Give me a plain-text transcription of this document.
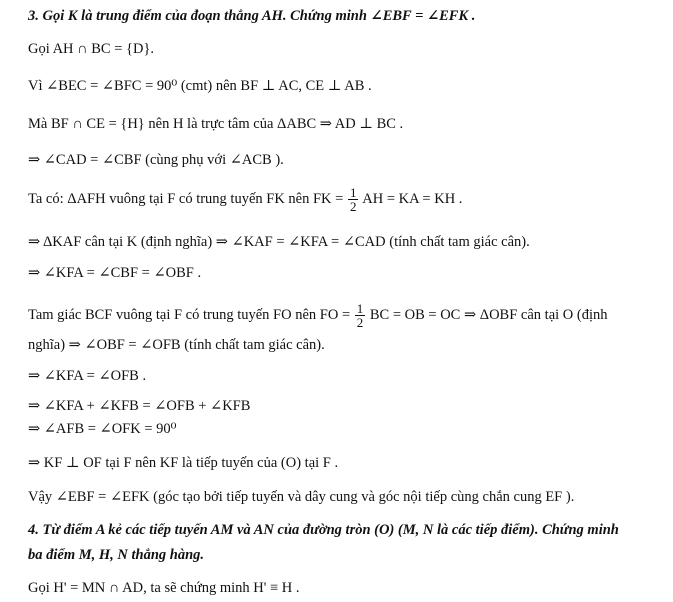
3. Gọi K là trung điểm của đoạn thẳng AH. Chứng minh ∠EBF = ∠EFK .
Gọi AH ∩ BC = {D}.
Vì ∠BEC = ∠BFC = 90⁰ (cmt) nên BF ⊥ AC, CE ⊥ AB .
Mà BF ∩ CE = {H} nên H là trực tâm của ΔABC ⇒ AD ⊥ BC .
⇒ ∠CAD = ∠CBF (cùng phụ với ∠ACB ).
Ta có: ΔAFH vuông tại F có trung tuyến FK nên FK = $\frac{1}{2}$ AH = KA = KH .
⇒ ΔKAF cân tại K (định nghĩa) ⇒ ∠KAF = ∠KFA = ∠CAD (tính chất tam giác cân).
⇒ ∠KFA = ∠CBF = ∠OBF .
Tam giác BCF vuông tại F có trung tuyến FO nên FO = $\frac{1}{2}$ BC = OB = OC ⇒ ΔOBF cân tại O (định
nghĩa) ⇒ ∠OBF = ∠OFB (tính chất tam giác cân).
⇒ ∠KFA = ∠OFB .
⇒ ∠KFA + ∠KFB = ∠OFB + ∠KFB
⇒ ∠AFB = ∠OFK = 90⁰
⇒ KF ⊥ OF tại F nên KF là tiếp tuyến của (O) tại F .
Vậy ∠EBF = ∠EFK (góc tạo bởi tiếp tuyến và dây cung và góc nội tiếp cùng chắn cung EF ).
4. Từ điểm A kẻ các tiếp tuyến AM và AN của đường tròn (O) (M, N là các tiếp điểm). Chứng minh
ba điểm M, H, N thẳng hàng.
Gọi H' = MN ∩ AD, ta sẽ chứng minh H' ≡ H .
